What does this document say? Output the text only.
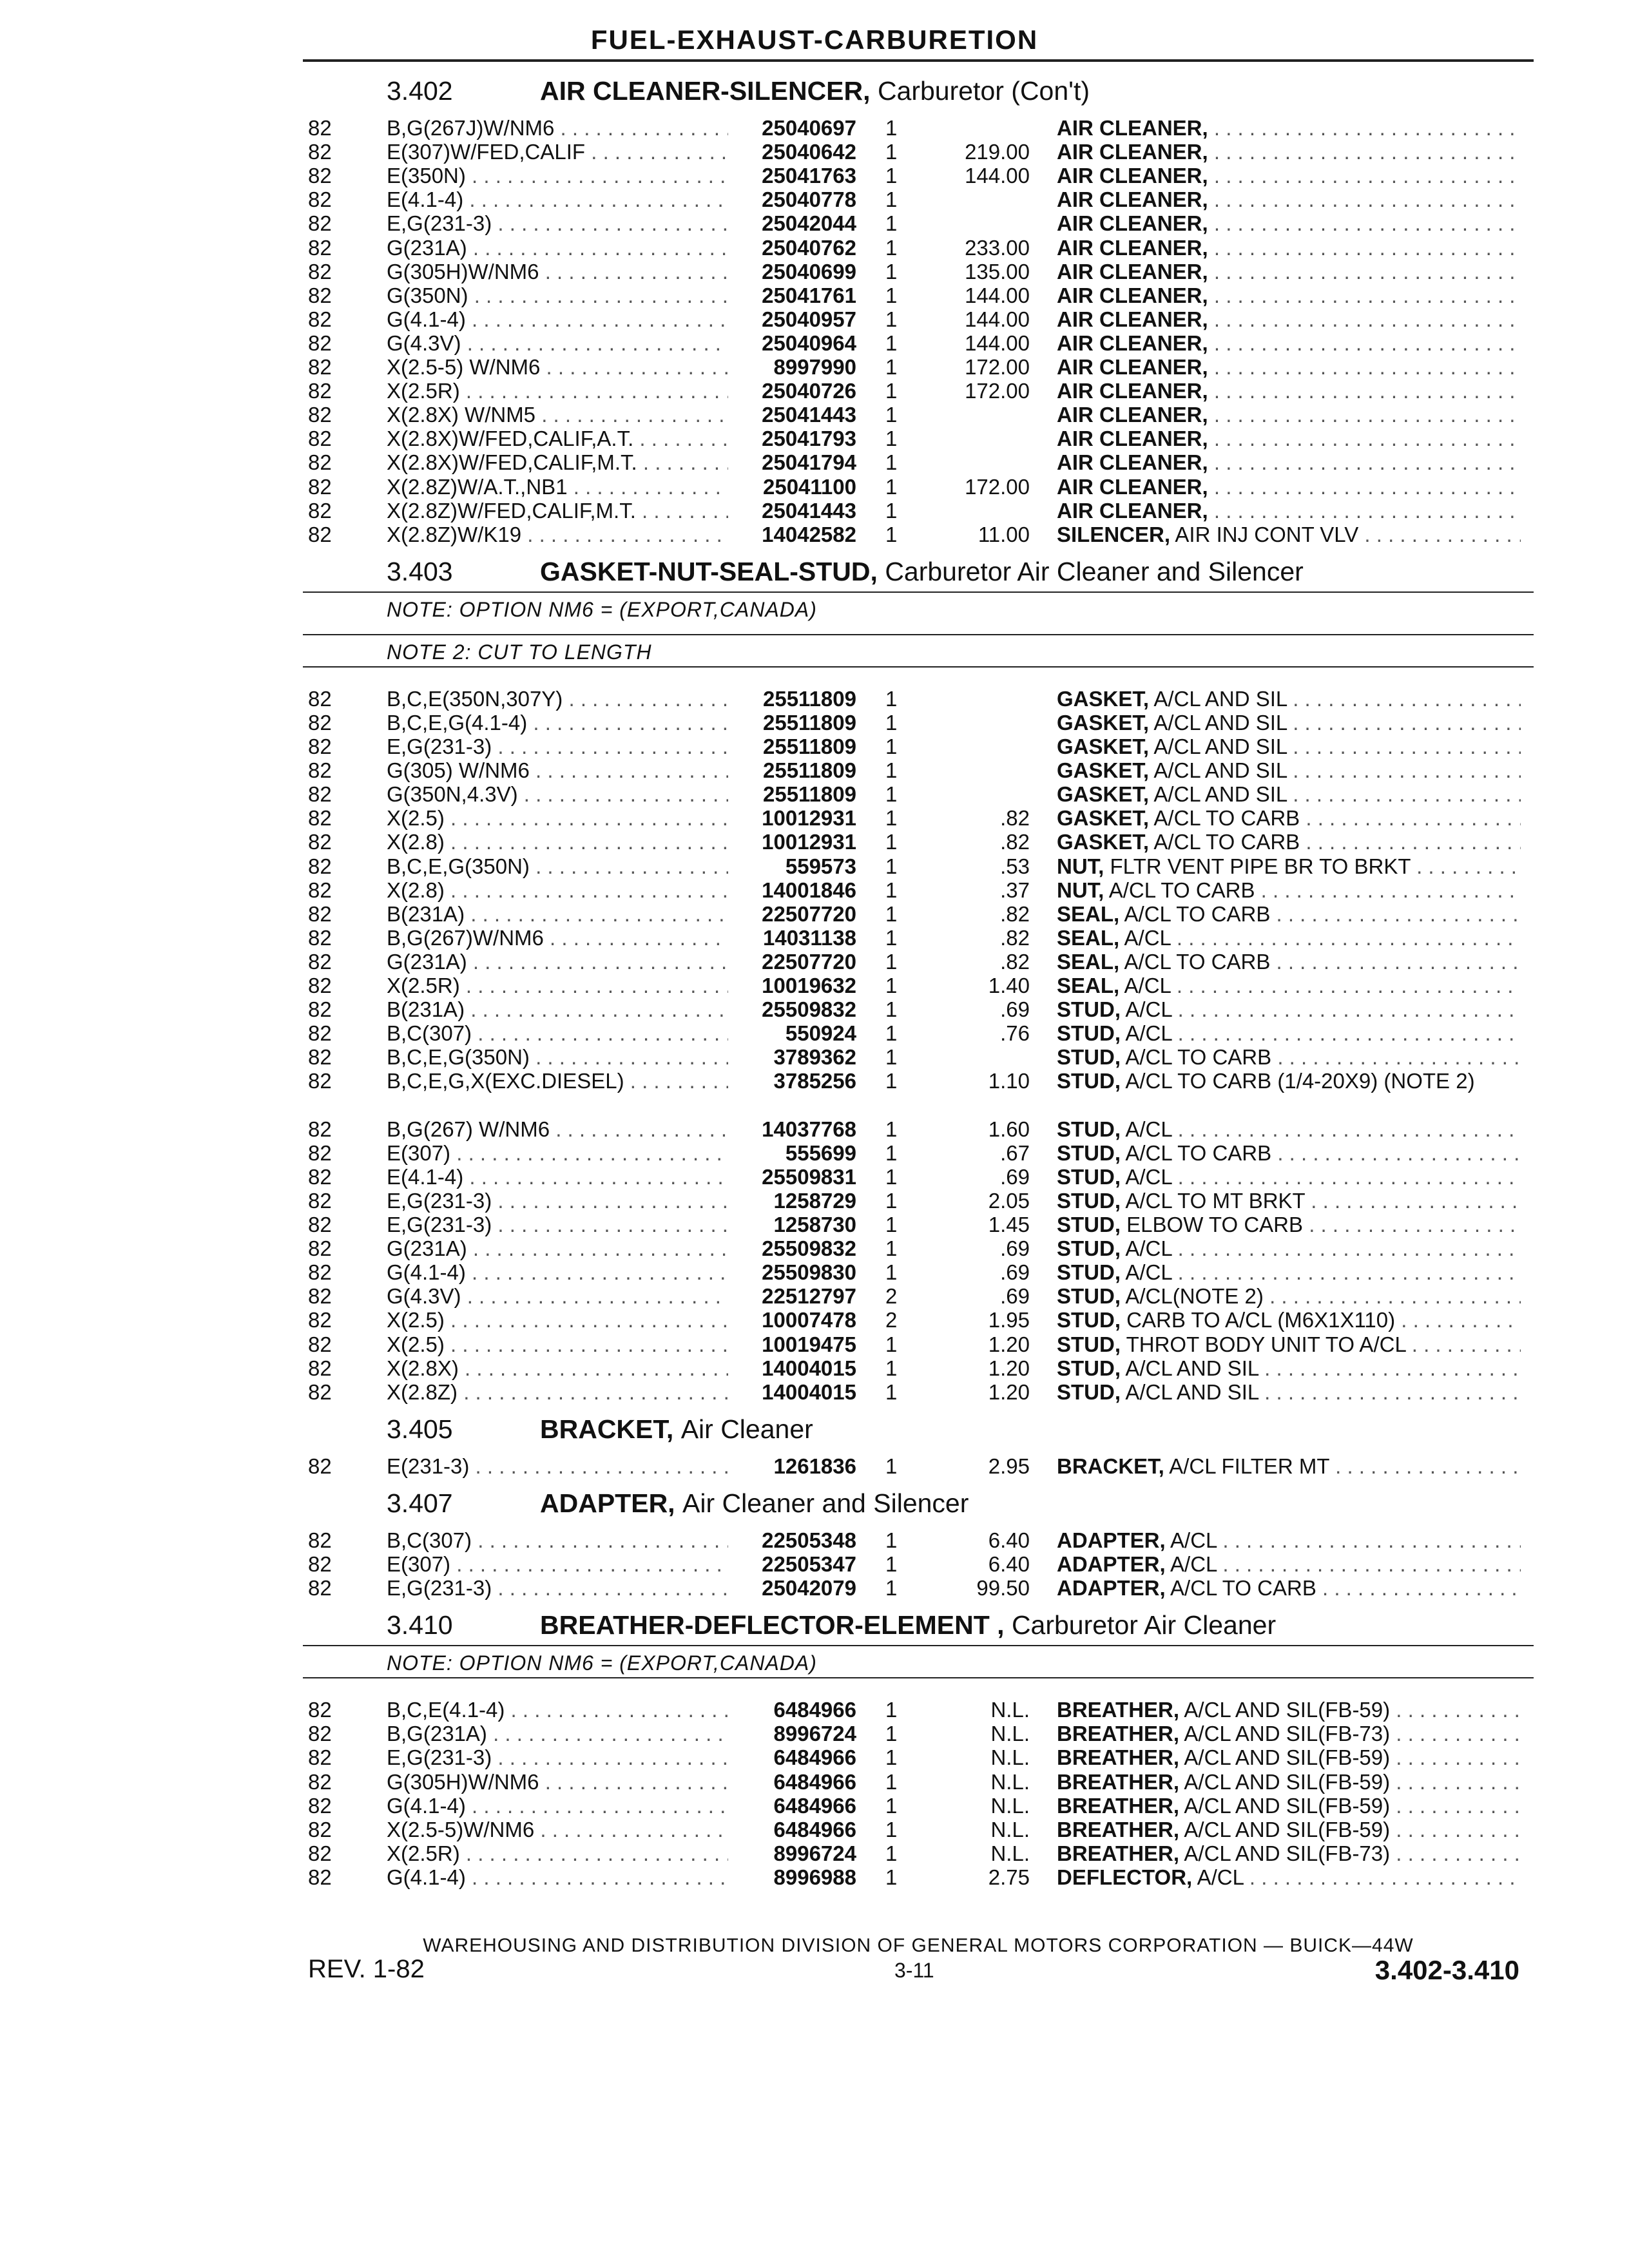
FUEL-EXHAUST-CARBURETION
3.402	AIR CLEANER-SILENCER, Carburetor (Con't)
82	B,G(267J)W/NM6 . . .	25040697 1	AIR CLEANER, . . .
82	E(307)W/FED,CALIF . . .	25040642 1	219.00 AIR CLEANER, . . .
82	E(350N) . . .	25041763 1	144.00 AIR CLEANER, . . .
82	E(4.1-4) . . .	25040778 1	AIR CLEANER, . . .
82	E,G(231-3) . . .	25042044 1	AIR CLEANER, . . .
82	G(231A) . . .	25040762 1	233.00 AIR CLEANER, . . .
82	G(305H)W/NM6 . . .	25040699 1	135.00 AIR CLEANER, . . .
82	G(350N) . . .	25041761 1	144.00 AIR CLEANER, . . .
82	G(4.1-4) . . .	25040957 1	144.00 AIR CLEANER, . . .
82	G(4.3V) . . .	25040964 1	144.00 AIR CLEANER, . . .
82	X(2.5-5) W/NM6 . . .	8997990 1	172.00 AIR CLEANER, . . .
82	X(2.5R) . . .	25040726 1	172.00 AIR CLEANER, . . .
82	X(2.8X) W/NM5 . . .	25041443 1	AIR CLEANER, . . .
82	X(2.8X)W/FED,CALIF,A.T. . . .	25041793 1	AIR CLEANER, . . .
82	X(2.8X)W/FED,CALIF,M.T. . . .	25041794 1	AIR CLEANER, . . .
82	X(2.8Z)W/A.T.,NB1 . . .	25041100 1	172.00 AIR CLEANER, . . .
82	X(2.8Z)W/FED,CALIF,M.T. . . .	25041443 1	AIR CLEANER, . . .
82	X(2.8Z)W/K19 . . .	14042582 1	11.00 SILENCER, AIR INJ CONT VLV . . .
3.403	GASKET-NUT-SEAL-STUD, Carburetor Air Cleaner and Silencer
NOTE: OPTION NM6 = (EXPORT,CANADA)
NOTE 2: CUT TO LENGTH
82	B,C,E(350N,307Y) . . .	25511809 1	GASKET, A/CL AND SIL . . .
82	B,C,E,G(4.1-4) . . .	25511809 1	GASKET, A/CL AND SIL . . .
82	E,G(231-3) . . .	25511809 1	GASKET, A/CL AND SIL . . .
82	G(305) W/NM6 . . .	25511809 1	GASKET, A/CL AND SIL . . .
82	G(350N,4.3V) . . .	25511809 1	GASKET, A/CL AND SIL . . .
82	X(2.5) . . .	10012931 1	.82 GASKET, A/CL TO CARB . . .
82	X(2.8) . . .	10012931 1	.82 GASKET, A/CL TO CARB . . .
82	B,C,E,G(350N) . . .	559573 1	.53 NUT, FLTR VENT PIPE BR TO BRKT . . .
82	X(2.8) . . .	14001846 1	.37 NUT, A/CL TO CARB . . .
82	B(231A) . . .	22507720 1	.82 SEAL, A/CL TO CARB . . .
82	B,G(267)W/NM6 . . .	14031138 1	.82 SEAL, A/CL . . .
82	G(231A) . . .	22507720 1	.82 SEAL, A/CL TO CARB . . .
82	X(2.5R) . . .	10019632 1	1.40 SEAL, A/CL . . .
82	B(231A) . . .	25509832 1	.69 STUD, A/CL . . .
82	B,C(307) . . .	550924 1	.76 STUD, A/CL . . .
82	B,C,E,G(350N) . . .	3789362 1	STUD, A/CL TO CARB . . .
82	B,C,E,G,X(EXC.DIESEL) . . .	3785256 1	1.10 STUD, A/CL TO CARB (1/4-20X9) (NOTE 2)
82	B,G(267) W/NM6 . . .	14037768 1	1.60 STUD, A/CL . . .
82	E(307) . . .	555699 1	.67 STUD, A/CL TO CARB . . .
82	E(4.1-4) . . .	25509831 1	.69 STUD, A/CL . . .
82	E,G(231-3) . . .	1258729 1	2.05 STUD, A/CL TO MT BRKT . . .
82	E,G(231-3) . . .	1258730 1	1.45 STUD, ELBOW TO CARB . . .
82	G(231A) . . .	25509832 1	.69 STUD, A/CL . . .
82	G(4.1-4) . . .	25509830 1	.69 STUD, A/CL . . .
82	G(4.3V) . . .	22512797 2	.69 STUD, A/CL(NOTE 2) . . .
82	X(2.5) . . .	10007478 2	1.95 STUD, CARB TO A/CL (M6X1X110) . . .
82	X(2.5) . . .	10019475 1	1.20 STUD, THROT BODY UNIT TO A/CL . . .
82	X(2.8X) . . .	14004015 1	1.20 STUD, A/CL AND SIL . . .
82	X(2.8Z) . . .	14004015 1	1.20 STUD, A/CL AND SIL . . .
3.405	BRACKET, Air Cleaner
82	E(231-3) . . .	1261836 1	2.95 BRACKET, A/CL FILTER MT . . .
3.407	ADAPTER, Air Cleaner and Silencer
82	B,C(307) . . .	22505348 1	6.40 ADAPTER, A/CL . . .
82	E(307) . . .	22505347 1	6.40 ADAPTER, A/CL . . .
82	E,G(231-3) . . .	25042079 1	99.50 ADAPTER, A/CL TO CARB . . .
3.410	BREATHER-DEFLECTOR-ELEMENT , Carburetor Air Cleaner
NOTE: OPTION NM6 = (EXPORT,CANADA)
82	B,C,E(4.1-4) . . .	6484966 1	N.L. BREATHER, A/CL AND SIL(FB-59) . . .
82	B,G(231A) . . .	8996724 1	N.L. BREATHER, A/CL AND SIL(FB-73) . . .
82	E,G(231-3) . . .	6484966 1	N.L. BREATHER, A/CL AND SIL(FB-59) . . .
82	G(305H)W/NM6 . . .	6484966 1	N.L. BREATHER, A/CL AND SIL(FB-59) . . .
82	G(4.1-4) . . .	6484966 1	N.L. BREATHER, A/CL AND SIL(FB-59) . . .
82	X(2.5-5)W/NM6 . . .	6484966 1	N.L. BREATHER, A/CL AND SIL(FB-59) . . .
82	X(2.5R) . . .	8996724 1	N.L. BREATHER, A/CL AND SIL(FB-73) . . .
82	G(4.1-4) . . .	8996988 1	2.75 DEFLECTOR, A/CL . . .
WAREHOUSING AND DISTRIBUTION DIVISION OF GENERAL MOTORS CORPORATION — BUICK—44W
REV. 1-82	3-11	3.402-3.410
